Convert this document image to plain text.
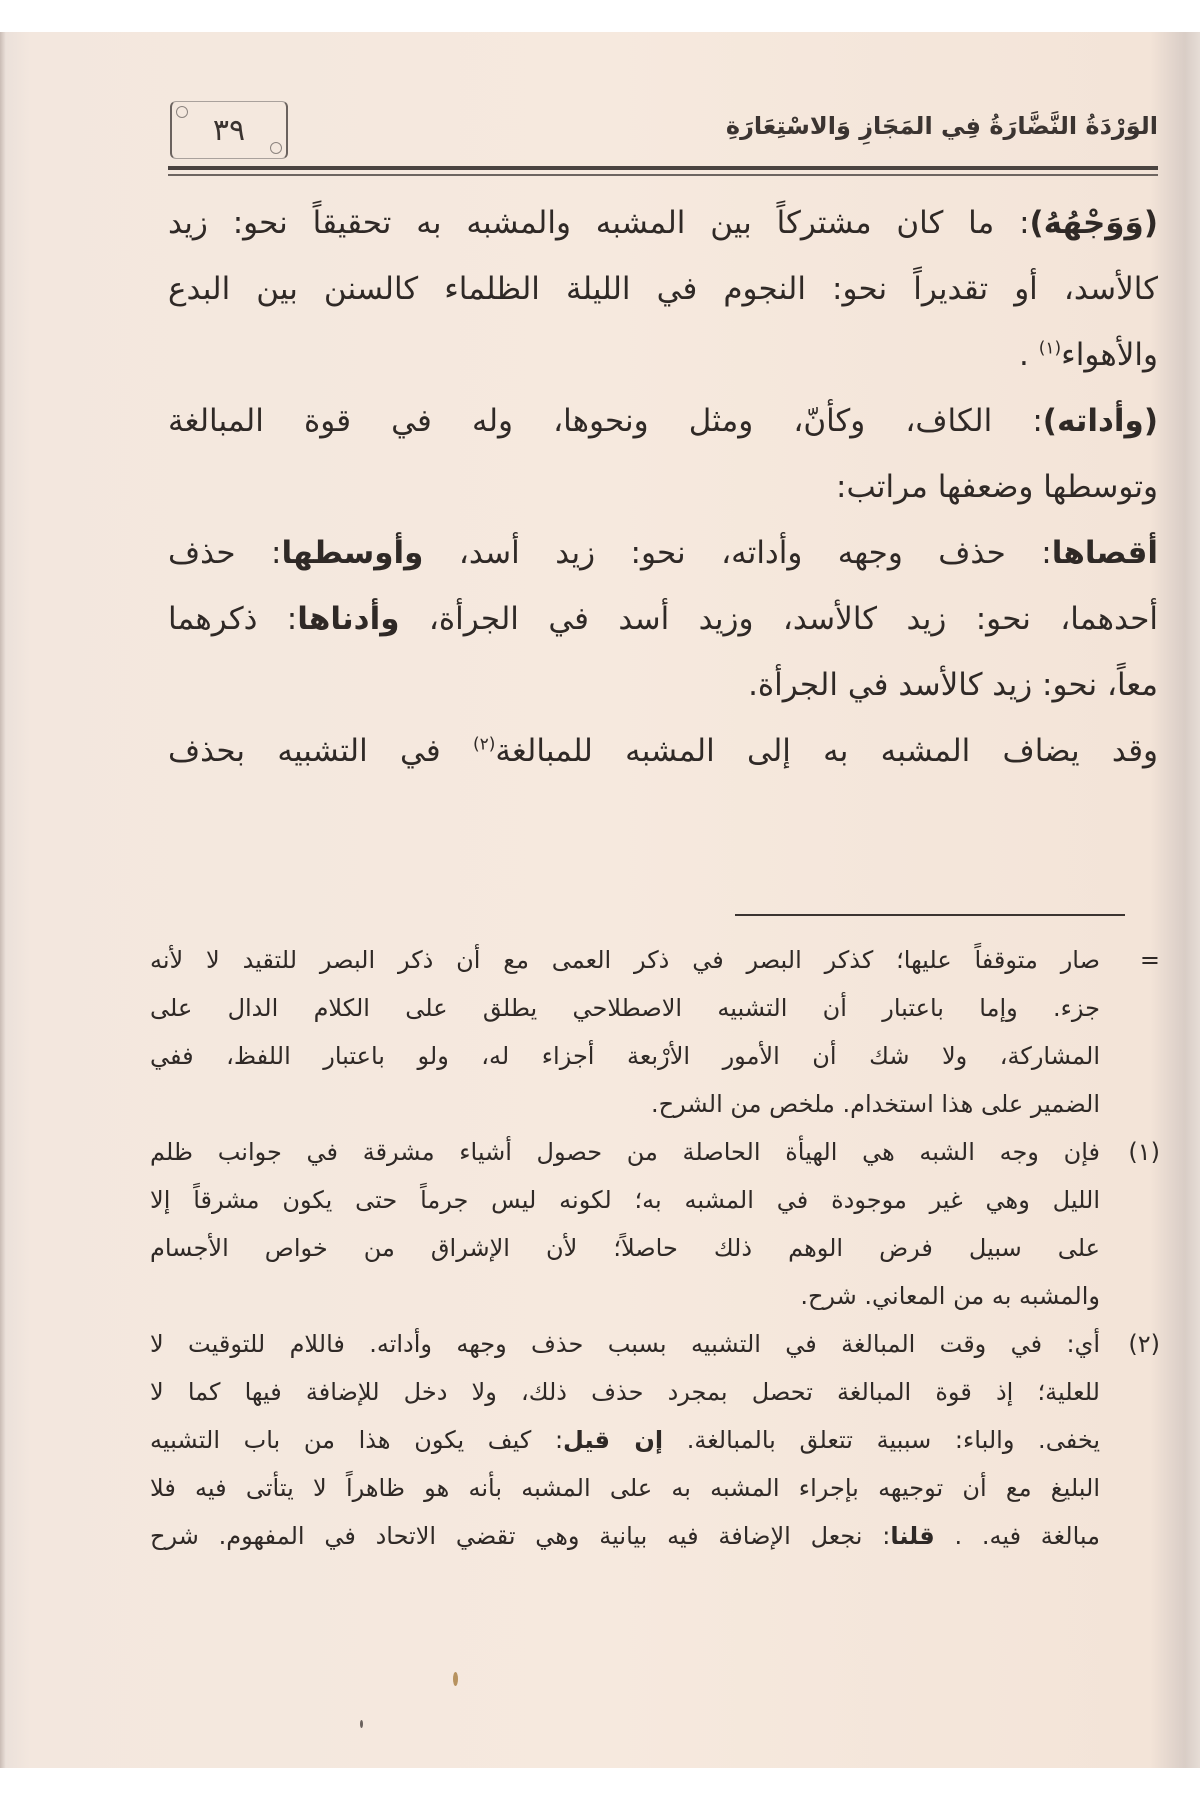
٣٩	الوَرْدَةُ النَّضَّارَةُ فِي المَجَازِ وَالاسْتِعَارَةِ
(وَوَجْهُهُ): ما كان مشتركاً بين المشبه والمشبه به تحقيقاً نحو: زيد
كالأسد، أو تقديراً نحو: النجوم في الليلة الظلماء كالسنن بين البدع
والأهواء$^{(١)}$ .
(وأداته): الكاف، وكأنّ، ومثل ونحوها، وله في قوة المبالغة
وتوسطها وضعفها مراتب:
أقصاها: حذف وجهه وأداته، نحو: زيد أسد، وأوسطها: حذف
أحدهما، نحو: زيد كالأسد، وزيد أسد في الجرأة، وأدناها: ذكرهما
معاً، نحو: زيد كالأسد في الجرأة.
وقد يضاف المشبه به إلى المشبه للمبالغة$^{(٢)}$ في التشبيه بحذف
=
صار متوقفاً عليها؛ كذكر البصر في ذكر العمى مع أن ذكر البصر للتقيد لا لأنه
جزء. وإما باعتبار أن التشبيه الاصطلاحي يطلق على الكلام الدال على
المشاركة، ولا شك أن الأمور الأرْبعة أجزاء له، ولو باعتبار اللفظ، ففي
الضمير على هذا استخدام. ملخص من الشرح.
(١)
فإن وجه الشبه هي الهيأة الحاصلة من حصول أشياء مشرقة في جوانب ظلم
الليل وهي غير موجودة في المشبه به؛ لكونه ليس جرماً حتى يكون مشرقاً إلا
على سبيل فرض الوهم ذلك حاصلاً؛ لأن الإشراق من خواص الأجسام
والمشبه به من المعاني. شرح.
(٢)
أي: في وقت المبالغة في التشبيه بسبب حذف وجهه وأداته. فاللام للتوقيت لا
للعلية؛ إذ قوة المبالغة تحصل بمجرد حذف ذلك، ولا دخل للإضافة فيها كما لا
يخفى. والباء: سببية تتعلق بالمبالغة. إن قيل: كيف يكون هذا من باب التشبيه
البليغ مع أن توجيهه بإجراء المشبه به على المشبه بأنه هو ظاهراً لا يتأتى فيه فلا
مبالغة فيه. . قلنا: نجعل الإضافة فيه بيانية وهي تقضي الاتحاد في المفهوم. شرح
